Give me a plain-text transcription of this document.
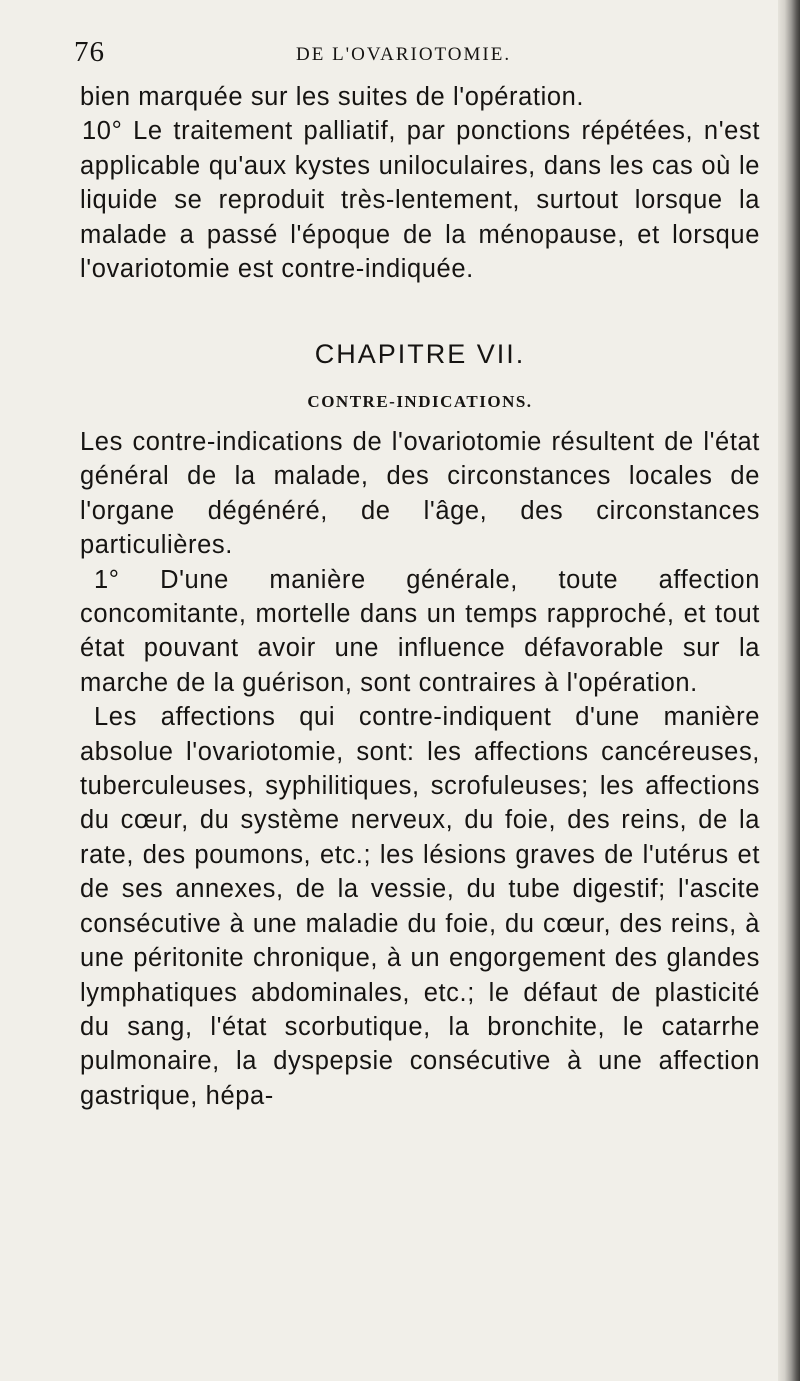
76	DE L'OVARIOTOMIE.

bien marquée sur les suites de l'opération.

10° Le traitement palliatif, par ponctions répétées, n'est applicable qu'aux kystes uniloculaires, dans les cas où le liquide se reproduit très-lentement, surtout lorsque la malade a passé l'époque de la ménopause, et lorsque l'ovariotomie est contre-indiquée.

CHAPITRE VII.
CONTRE-INDICATIONS.

Les contre-indications de l'ovariotomie résultent de l'état général de la malade, des circonstances locales de l'organe dégénéré, de l'âge, des circonstances particulières.

1° D'une manière générale, toute affection concomitante, mortelle dans un temps rapproché, et tout état pouvant avoir une influence défavorable sur la marche de la guérison, sont contraires à l'opération.

Les affections qui contre-indiquent d'une manière absolue l'ovariotomie, sont: les affections cancéreuses, tuberculeuses, syphilitiques, scrofuleuses; les affections du cœur, du système nerveux, du foie, des reins, de la rate, des poumons, etc.; les lésions graves de l'utérus et de ses annexes, de la vessie, du tube digestif; l'ascite consécutive à une maladie du foie, du cœur, des reins, à une péritonite chronique, à un engorgement des glandes lymphatiques abdominales, etc.; le défaut de plasticité du sang, l'état scorbutique, la bronchite, le catarrhe pulmonaire, la dyspepsie consécutive à une affection gastrique, hépa-
